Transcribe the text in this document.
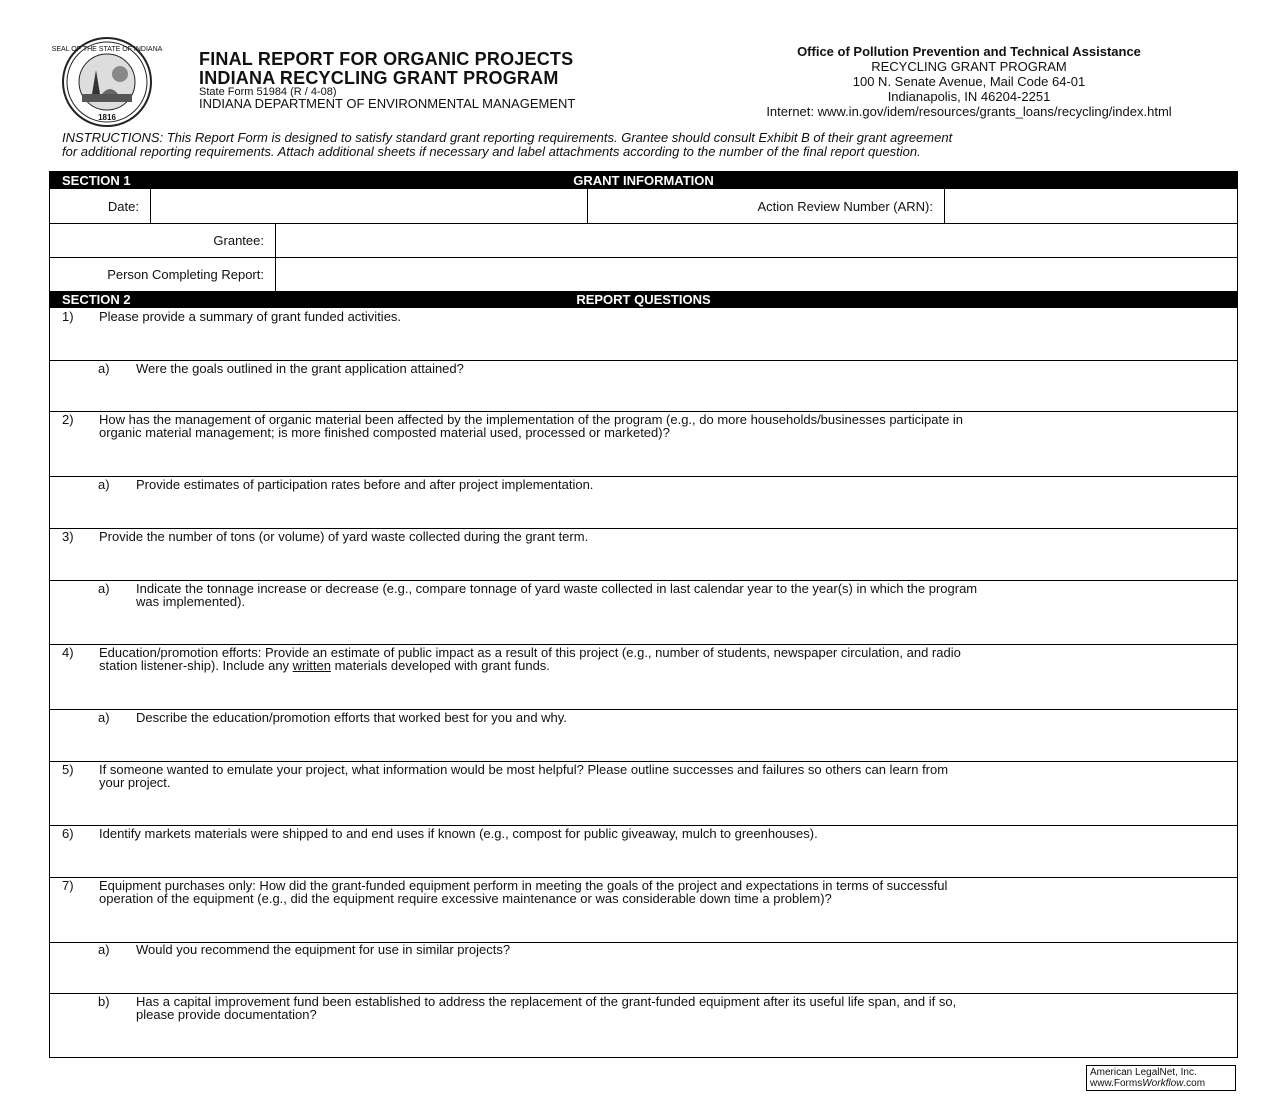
SEAL OF THE STATE OF INDIANA
1816
FINAL REPORT FOR ORGANIC PROJECTS
INDIANA RECYCLING GRANT PROGRAM
State Form 51984 (R / 4-08)
INDIANA DEPARTMENT OF ENVIRONMENTAL MANAGEMENT
Office of Pollution Prevention and Technical Assistance
RECYCLING GRANT PROGRAM
100 N. Senate Avenue, Mail Code 64-01
Indianapolis, IN 46204-2251
Internet: www.in.gov/idem/resources/grants_loans/recycling/index.html
INSTRUCTIONS: This Report Form is designed to satisfy standard grant reporting requirements. Grantee should consult Exhibit B of their grant agreement
for additional reporting requirements. Attach additional sheets if necessary and label attachments according to the number of the final report question.
GRANT INFORMATION
SECTION 1
Date:	Action Review Number (ARN):
Grantee:
Person Completing Report:
REPORT QUESTIONS
SECTION 2
1) Please provide a summary of grant funded activities.
a) Were the goals outlined in the grant application attained?
2) How has the management of organic material been affected by the implementation of the program (e.g., do more households/businesses participate in
organic material management; is more finished composted material used, processed or marketed)?
a) Provide estimates of participation rates before and after project implementation.
3) Provide the number of tons (or volume) of yard waste collected during the grant term.
a) Indicate the tonnage increase or decrease (e.g., compare tonnage of yard waste collected in last calendar year to the year(s) in which the program
was implemented).
4) Education/promotion efforts: Provide an estimate of public impact as a result of this project (e.g., number of students, newspaper circulation, and radio
station listener-ship). Include any written materials developed with grant funds.
a) Describe the education/promotion efforts that worked best for you and why.
5) If someone wanted to emulate your project, what information would be most helpful? Please outline successes and failures so others can learn from
your project.
6) Identify markets materials were shipped to and end uses if known (e.g., compost for public giveaway, mulch to greenhouses).
7) Equipment purchases only: How did the grant-funded equipment perform in meeting the goals of the project and expectations in terms of successful
operation of the equipment (e.g., did the equipment require excessive maintenance or was considerable down time a problem)?
a) Would you recommend the equipment for use in similar projects?
b) Has a capital improvement fund been established to address the replacement of the grant-funded equipment after its useful life span, and if so,
please provide documentation?
American LegalNet, Inc.
www.FormsWorkflow.com
